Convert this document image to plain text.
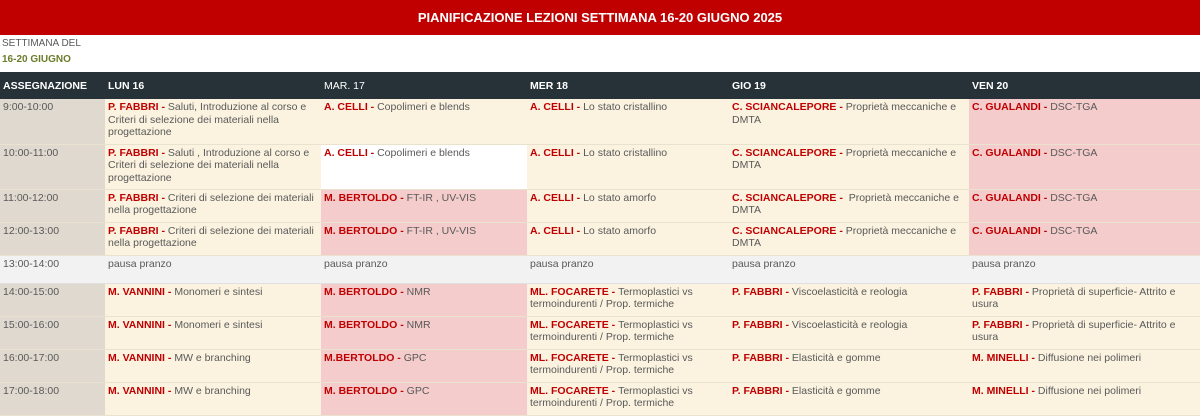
PIANIFICAZIONE LEZIONI SETTIMANA 16-20 GIUGNO 2025
SETTIMANA DEL
16-20 GIUGNO
ASSEGNAZIONE	LUN 16	MAR. 17	MER 18	GIO 19	VEN 20
9:00-10:00	P. FABBRI - Saluti, Introduzione al corso e Criteri di selezione dei materiali nella progettazione	A. CELLI - Copolimeri e blends	A. CELLI - Lo stato cristallino	C. SCIANCALEPORE - Proprietà meccaniche e DMTA	C. GUALANDI - DSC-TGA
10:00-11:00	P. FABBRI - Saluti , Introduzione al corso e Criteri di selezione dei materiali nella progettazione	A. CELLI - Copolimeri e blends	A. CELLI - Lo stato cristallino	C. SCIANCALEPORE - Proprietà meccaniche e DMTA	C. GUALANDI - DSC-TGA
11:00-12:00	P. FABBRI - Criteri di selezione dei materiali nella progettazione	M. BERTOLDO - FT-IR , UV-VIS	A. CELLI - Lo stato amorfo	C. SCIANCALEPORE -  Proprietà meccaniche e DMTA	C. GUALANDI - DSC-TGA
12:00-13:00	P. FABBRI - Criteri di selezione dei materiali nella progettazione	M. BERTOLDO - FT-IR , UV-VIS	A. CELLI - Lo stato amorfo	C. SCIANCALEPORE - Proprietà meccaniche e DMTA	C. GUALANDI - DSC-TGA
13:00-14:00	pausa pranzo	pausa pranzo	pausa pranzo	pausa pranzo	pausa pranzo
14:00-15:00	M. VANNINI - Monomeri e sintesi	M. BERTOLDO - NMR	ML. FOCARETE - Termoplastici vs termoindurenti / Prop. termiche	P. FABBRI - Viscoelasticità e reologia	P. FABBRI - Proprietà di superficie- Attrito e usura
15:00-16:00	M. VANNINI - Monomeri e sintesi	M. BERTOLDO - NMR	ML. FOCARETE - Termoplastici vs termoindurenti / Prop. termiche	P. FABBRI - Viscoelasticità e reologia	P. FABBRI - Proprietà di superficie- Attrito e usura
16:00-17:00	M. VANNINI - MW e branching	M.BERTOLDO - GPC	ML. FOCARETE - Termoplastici vs termoindurenti / Prop. termiche	P. FABBRI - Elasticità e gomme	M. MINELLI - Diffusione nei polimeri
17:00-18:00	M. VANNINI - MW e branching	M. BERTOLDO - GPC	ML. FOCARETE - Termoplastici vs termoindurenti / Prop. termiche	P. FABBRI - Elasticità e gomme	M. MINELLI - Diffusione nei polimeri
